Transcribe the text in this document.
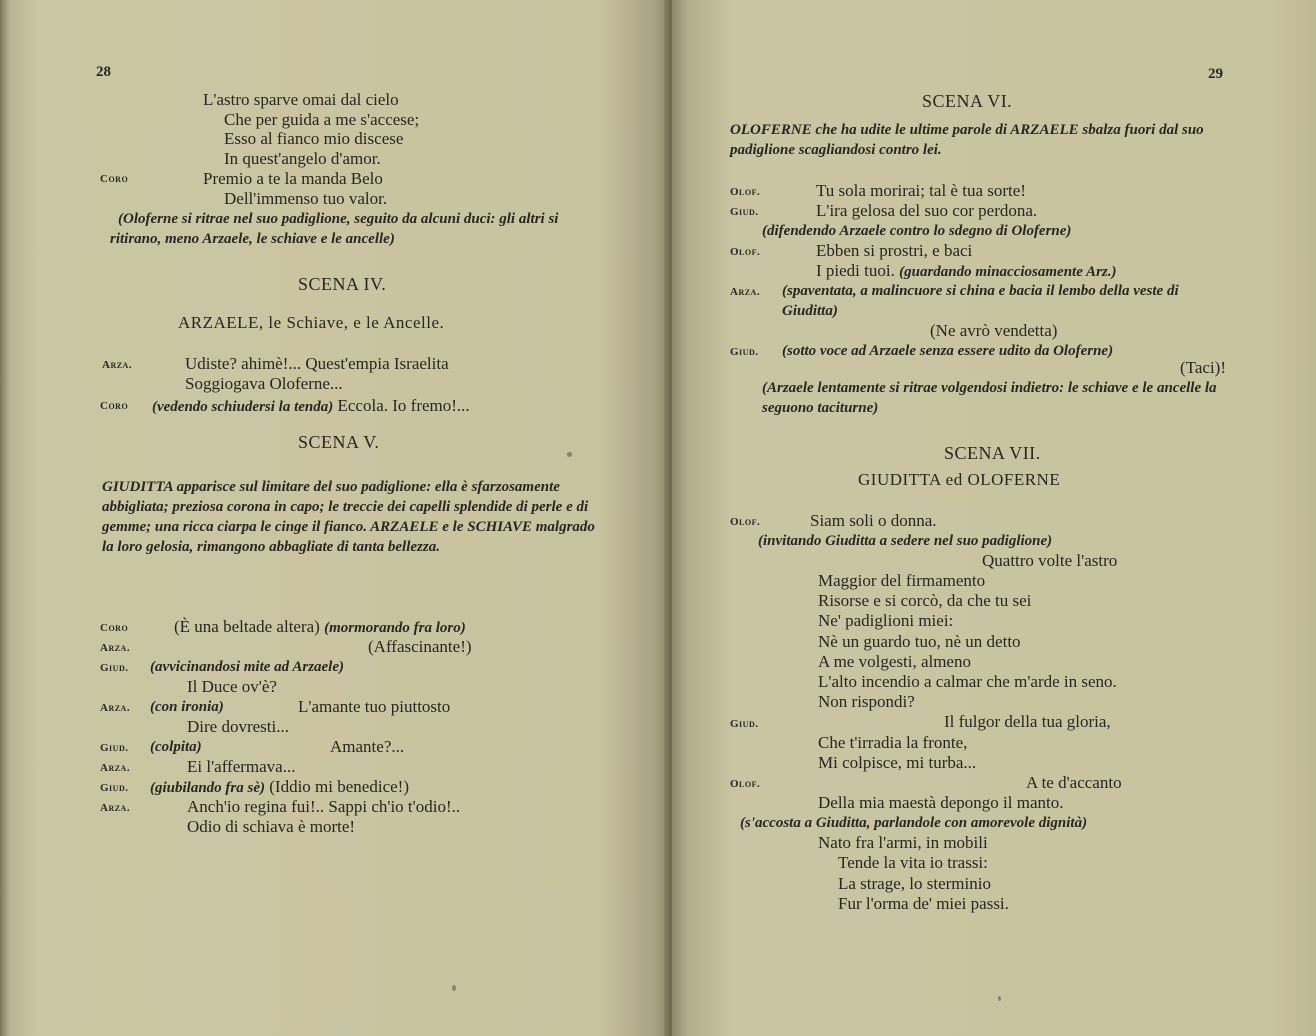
28
L'astro sparve omai dal cielo
Che per guida a me s'accese;
Esso al fianco mio discese
In quest'angelo d'amor.
Coro	Premio a te la manda Belo
Dell'immenso tuo valor.
(Oloferne si ritrae nel suo padiglione, seguito da alcuni duci: gli altri si ritirano, meno Arzaele, le schiave e le ancelle)
SCENA IV.
ARZAELE, le Schiave, e le Ancelle.
Arza.	Udiste? ahimè!... Quest'empia Israelita
Soggiogava Oloferne...
Coro (vedendo schiudersi la tenda) Eccola. Io fremo!...
SCENA V.
GIUDITTA apparisce sul limitare del suo padiglione: ella è sfarzosamente abbigliata; preziosa corona in capo; le treccie dei capelli splendide di perle e di gemme; una ricca ciarpa le cinge il fianco. ARZAELE e le SCHIAVE malgrado la loro gelosia, rimangono abbagliate di tanta bellezza.
Coro	(È una beltade altera) (mormorando fra loro)
Arza.	(Affascinante!)
Giud. (avvicinandosi mite ad Arzaele)
Il Duce ov'è?
Arza. (con ironia)	L'amante tuo piuttosto
Dire dovresti...
Giud. (colpita)	Amante?...
Arza.	Ei l'affermava...
Giud. (giubilando fra sè) (Iddio mi benedice!)
Arza.	Anch'io regina fui!.. Sappi ch'io t'odio!..
Odio di schiava è morte!
29
SCENA VI.
OLOFERNE che ha udite le ultime parole di ARZAELE sbalza fuori dal suo padiglione scagliandosi contro lei.
Olof.	Tu sola morirai; tal è tua sorte!
Giud.	L'ira gelosa del suo cor perdona.
(difendendo Arzaele contro lo sdegno di Oloferne)
Olof.	Ebben si prostri, e baci
I piedi tuoi. (guardando minacciosamente Arz.)
Arza. (spaventata, a malincuore si china e bacia il lembo della veste di Giuditta)
(Ne avrò vendetta)
Giud. (sotto voce ad Arzaele senza essere udito da Oloferne)
(Taci)!
(Arzaele lentamente si ritrae volgendosi indietro: le schiave e le ancelle la seguono taciturne)
SCENA VII.
GIUDITTA ed OLOFERNE
Olof.	Siam soli o donna.
(invitando Giuditta a sedere nel suo padiglione)
Quattro volte l'astro
Maggior del firmamento
Risorse e si corcò, da che tu sei
Ne' padiglioni miei:
Nè un guardo tuo, nè un detto
A me volgesti, almeno
L'alto incendio a calmar che m'arde in seno.
Non rispondi?
Giud.	Il fulgor della tua gloria,
Che t'irradia la fronte,
Mi colpisce, mi turba...
Olof.	A te d'accanto
Della mia maestà depongo il manto.
(s'accosta a Giuditta, parlandole con amorevole dignità)
Nato fra l'armi, in mobili
Tende la vita io trassi:
La strage, lo sterminio
Fur l'orma de' miei passi.
